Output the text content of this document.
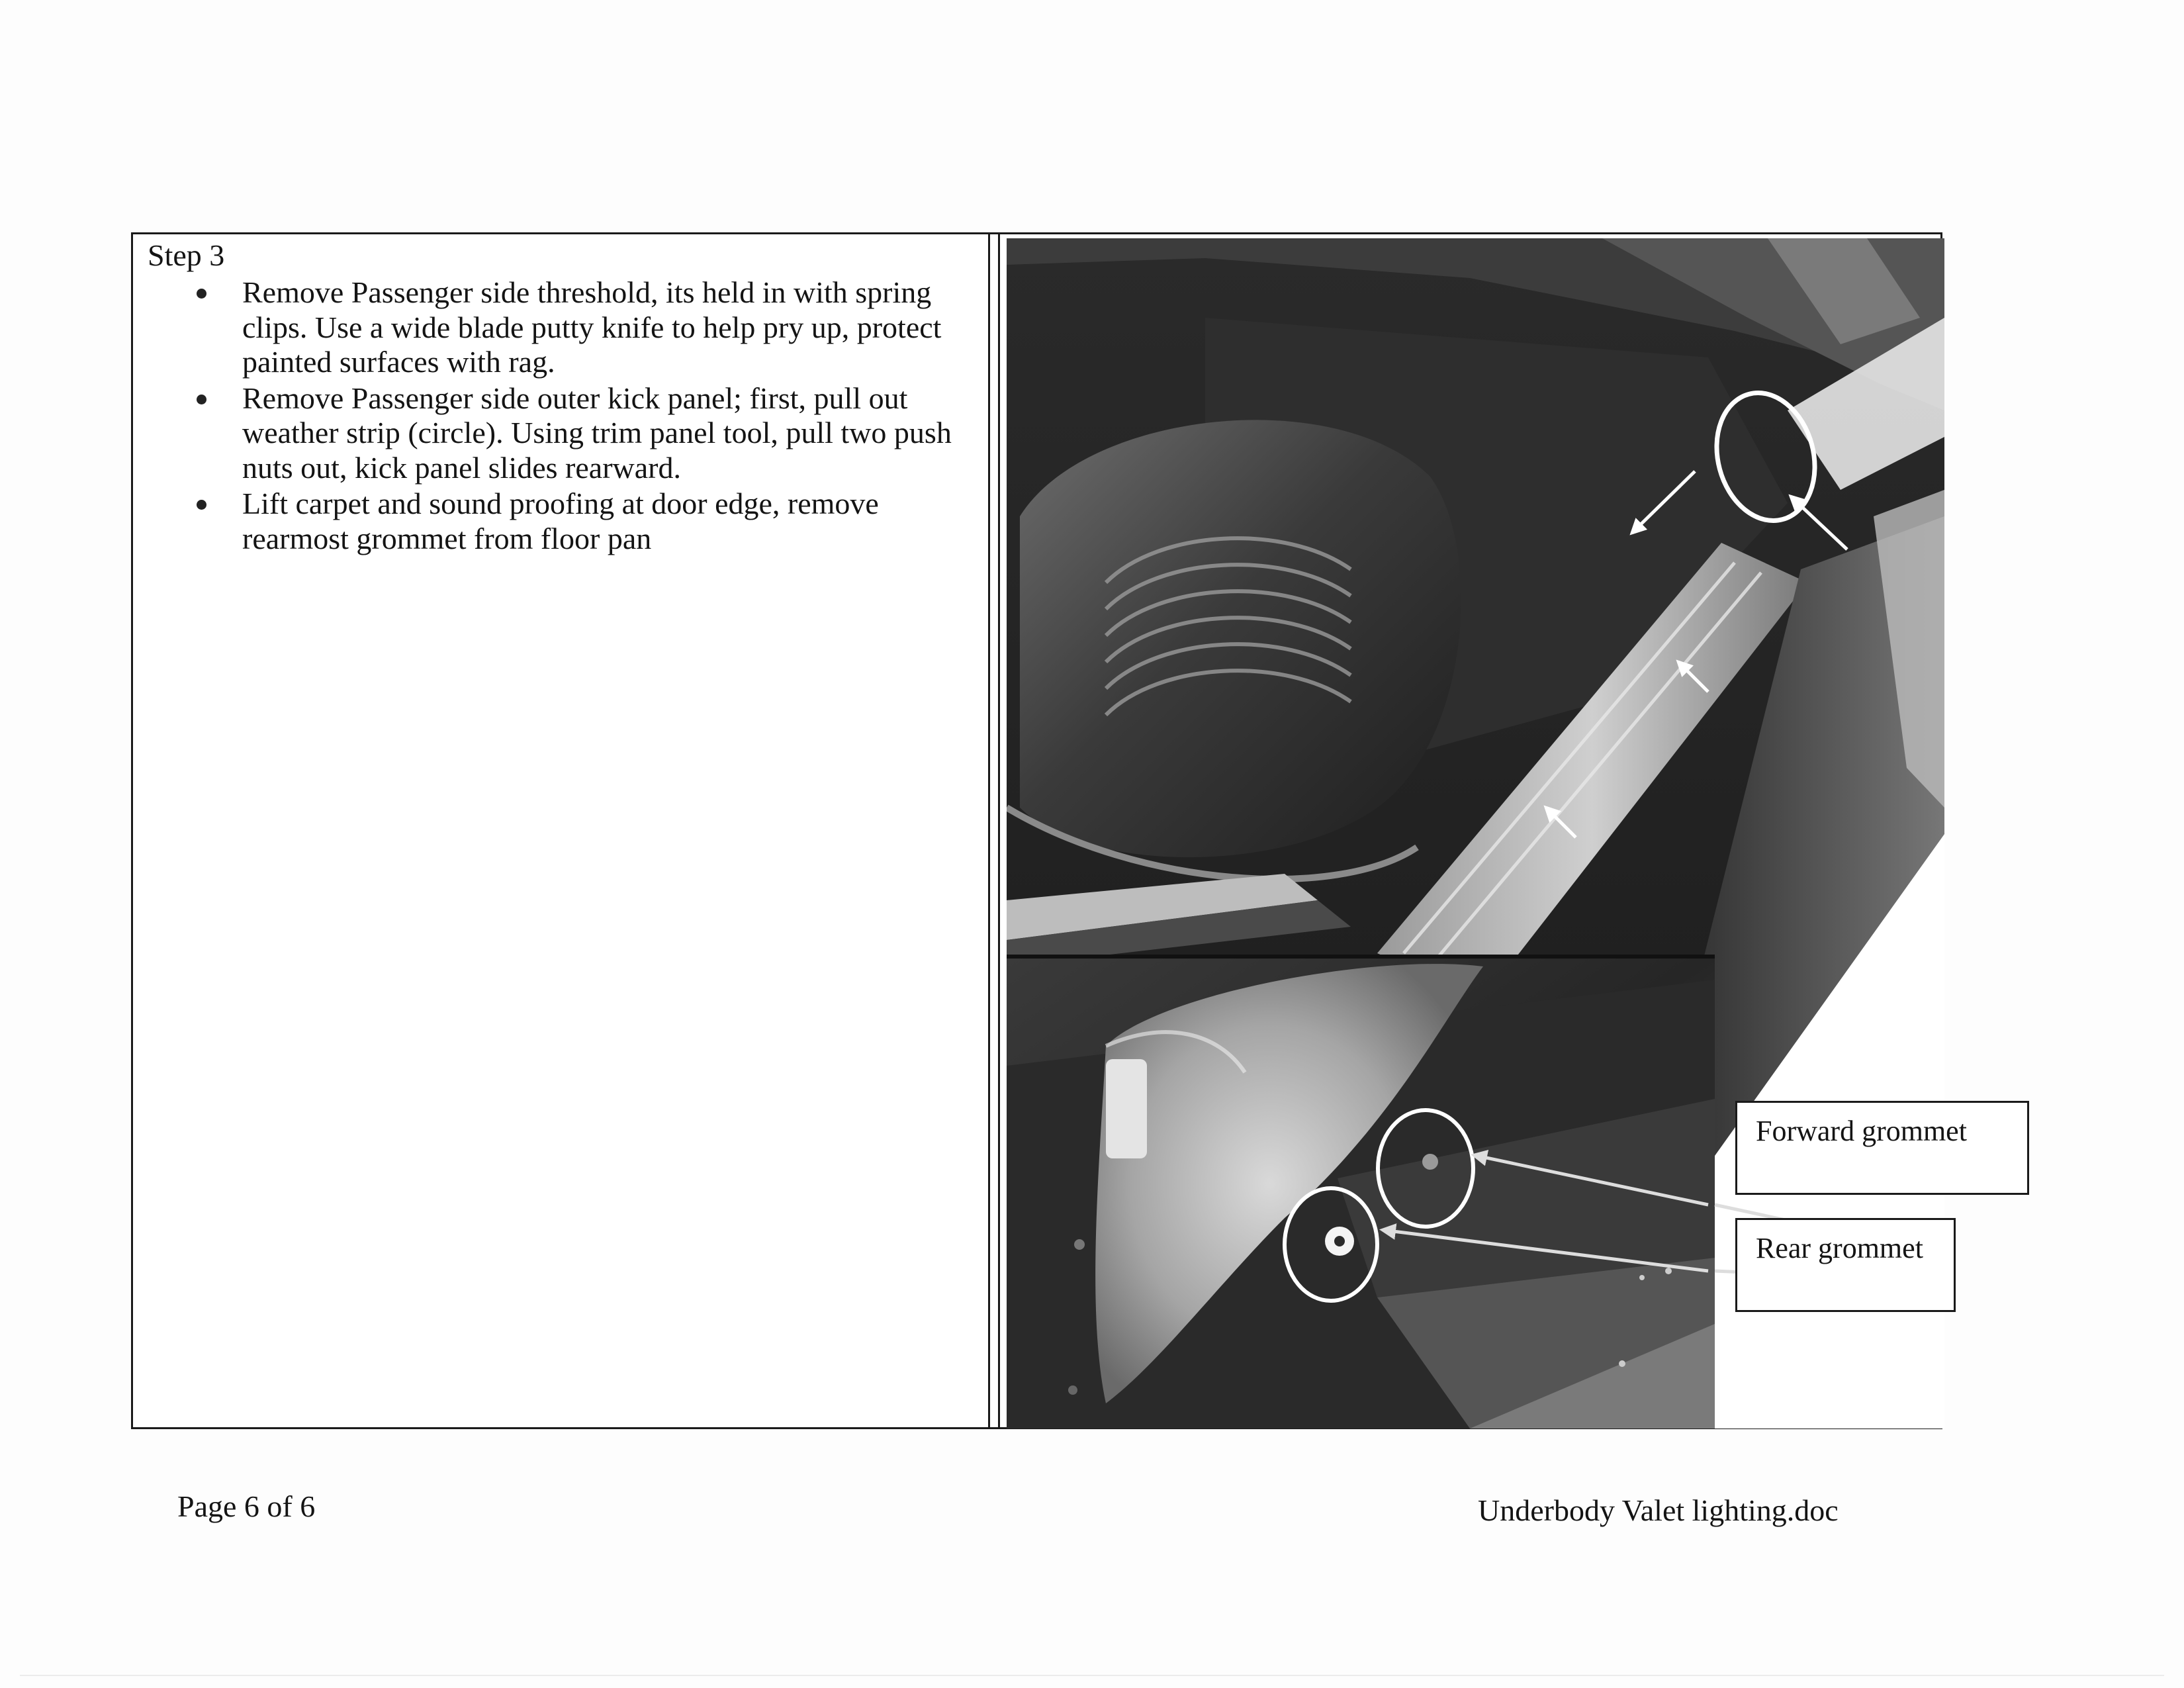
Step 3
Remove Passenger side threshold, its held in with spring clips. Use a wide blade putty knife to help pry up, protect painted surfaces with rag.
Remove Passenger side outer kick panel; first, pull out weather strip (circle). Using trim panel tool, pull two push nuts out, kick panel slides rearward.
Lift carpet and sound proofing at door edge, remove rearmost grommet from floor pan
Forward grommet
Rear grommet
Page 6 of 6	Underbody Valet lighting.doc
